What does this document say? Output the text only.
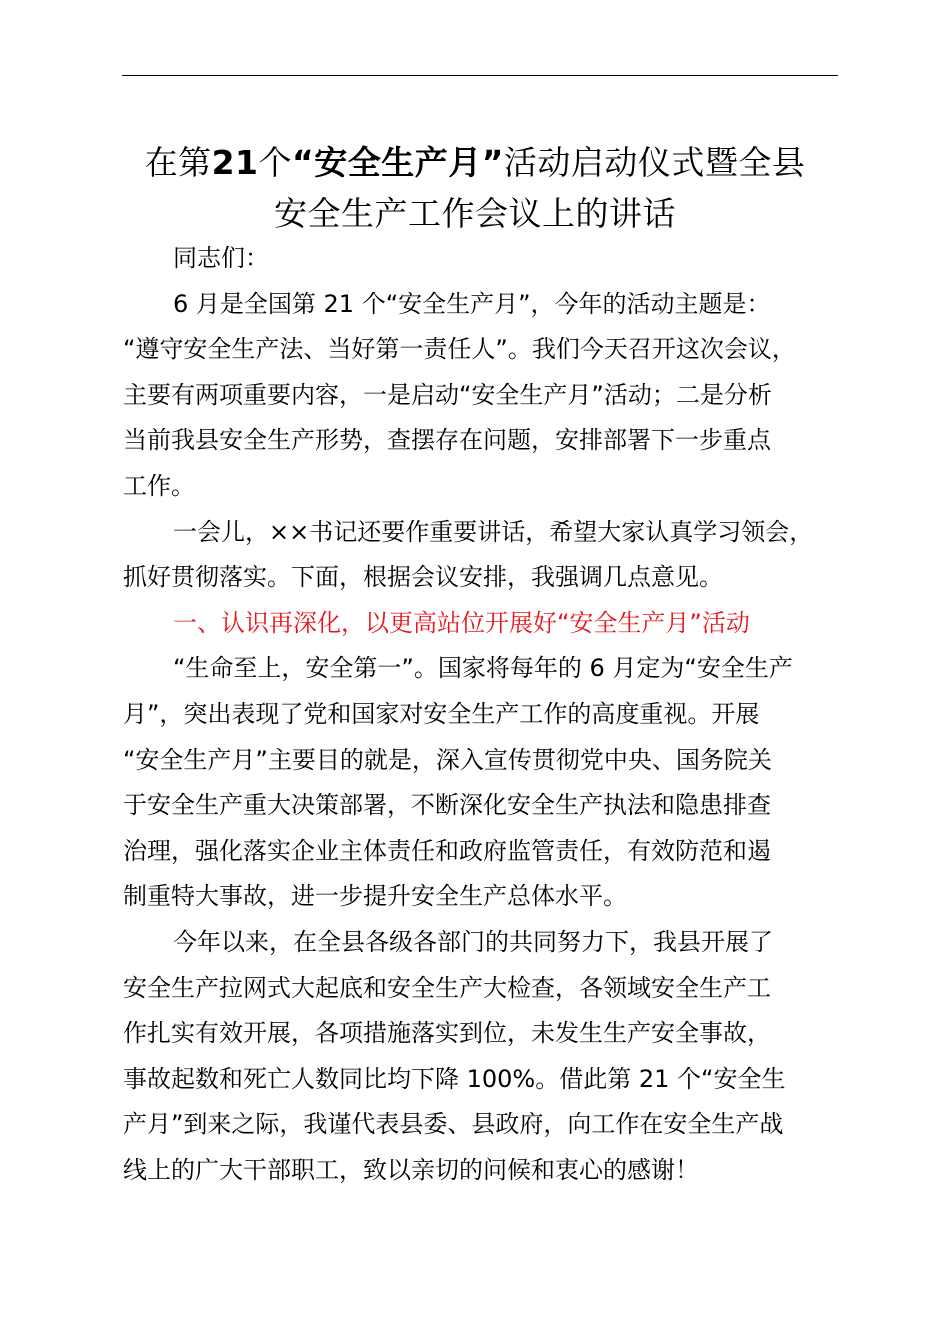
在第21个“安全生产月”活动启动仪式暨全县
安全生产工作会议上的讲话
同志们：
6 月是全国第 21 个“安全生产月”，今年的活动主题是：
“遵守安全生产法、当好第一责任人”。我们今天召开这次会议，
主要有两项重要内容，一是启动“安全生产月”活动；二是分析
当前我县安全生产形势，查摆存在问题，安排部署下一步重点
工作。
一会儿，××书记还要作重要讲话，希望大家认真学习领会，
抓好贯彻落实。下面，根据会议安排，我强调几点意见。
一、认识再深化，以更高站位开展好“安全生产月”活动
“生命至上，安全第一”。国家将每年的 6 月定为“安全生产
月”，突出表现了党和国家对安全生产工作的高度重视。开展
“安全生产月”主要目的就是，深入宣传贯彻党中央、国务院关
于安全生产重大决策部署，不断深化安全生产执法和隐患排查
治理，强化落实企业主体责任和政府监管责任，有效防范和遏
制重特大事故，进一步提升安全生产总体水平。
今年以来，在全县各级各部门的共同努力下，我县开展了
安全生产拉网式大起底和安全生产大检查，各领域安全生产工
作扎实有效开展，各项措施落实到位，未发生生产安全事故，
事故起数和死亡人数同比均下降 100%。借此第 21 个“安全生
产月”到来之际，我谨代表县委、县政府，向工作在安全生产战
线上的广大干部职工，致以亲切的问候和衷心的感谢！
